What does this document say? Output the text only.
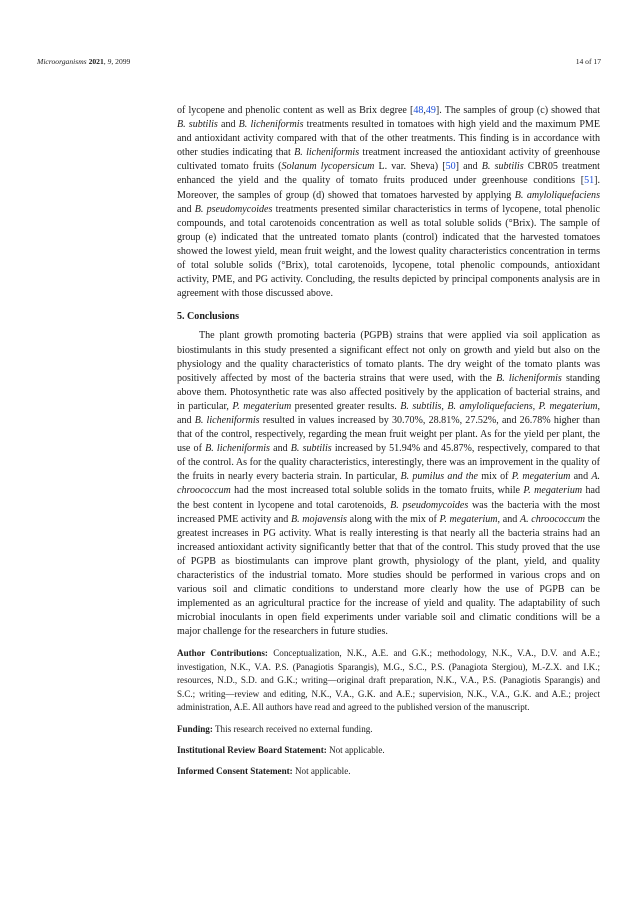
Microorganisms 2021, 9, 2099	14 of 17

of lycopene and phenolic content as well as Brix degree [48,49]. The samples of group (c) showed that B. subtilis and B. licheniformis treatments resulted in tomatoes with high yield and the maximum PME and antioxidant activity compared with that of the other treatments. This finding is in accordance with other studies indicating that B. licheniformis treatment increased the antioxidant activity of greenhouse cultivated tomato fruits (Solanum lycopersicum L. var. Sheva) [50] and B. subtilis CBR05 treatment enhanced the yield and the quality of tomato fruits produced under greenhouse conditions [51]. Moreover, the samples of group (d) showed that tomatoes harvested by applying B. amyloliquefaciens and B. pseudomycoides treatments presented similar characteristics in terms of lycopene, total phenolic compounds, and total carotenoids concentration as well as total soluble solids (°Brix). The sample of group (e) indicated that the untreated tomato plants (control) indicated that the harvested tomatoes showed the lowest yield, mean fruit weight, and the lowest quality characteristics concentration in terms of total soluble solids (°Brix), total carotenoids, lycopene, total phenolic compounds, antioxidant activity, PME, and PG activity. Concluding, the results depicted by principal components analysis are in agreement with those discussed above.

5. Conclusions

The plant growth promoting bacteria (PGPB) strains that were applied via soil application as biostimulants in this study presented a significant effect not only on growth and yield but also on the physiology and the quality characteristics of tomato plants. The dry weight of the tomato plants was positively affected by most of the bacteria strains that were used, with the B. licheniformis standing above them. Photosynthetic rate was also affected positively by the application of bacterial strains, and in particular, P. megaterium presented greater results. B. subtilis, B. amyloliquefaciens, P. megaterium, and B. licheniformis resulted in values increased by 30.70%, 28.81%, 27.52%, and 26.78% higher than that of the control, respectively, regarding the mean fruit weight per plant. As for the yield per plant, the use of B. licheniformis and B. subtilis increased by 51.94% and 45.87%, respectively, compared to that of the control. As for the quality characteristics, interestingly, there was an improvement in the quality of the fruits in nearly every bacteria strain. In particular, B. pumilus and the mix of P. megaterium and A. chroococcum had the most increased total soluble solids in the tomato fruits, while P. megaterium had the best content in lycopene and total carotenoids, B. pseudomycoides was the bacteria with the most increased PME activity and B. mojavensis along with the mix of P. megaterium, and A. chroococcum the greatest increases in PG activity. What is really interesting is that nearly all the bacteria strains had an increased antioxidant activity significantly better that that of the control. This study proved that the use of PGPB as biostimulants can improve plant growth, physiology of the plant, yield, and quality characteristics of the industrial tomato. More studies should be performed in various crops and on various soil and climatic conditions to understand more clearly how the use of PGPB can be implemented as an agricultural practice for the increase of yield and quality. The adaptability of such microbial inoculants in open field experiments under variable soil and climatic conditions will be a major challenge for the researchers in future studies.

Author Contributions: Conceptualization, N.K., A.E. and G.K.; methodology, N.K., V.A., D.V. and A.E.; investigation, N.K., V.A. P.S. (Panagiotis Sparangis), M.G., S.C., P.S. (Panagiota Stergiou), M.-Z.X. and I.K.; resources, N.D., S.D. and G.K.; writing—original draft preparation, N.K., V.A., P.S. (Panagiotis Sparangis) and S.C.; writing—review and editing, N.K., V.A., G.K. and A.E.; supervision, N.K., V.A., G.K. and A.E.; project administration, A.E. All authors have read and agreed to the published version of the manuscript.

Funding: This research received no external funding.

Institutional Review Board Statement: Not applicable.

Informed Consent Statement: Not applicable.
